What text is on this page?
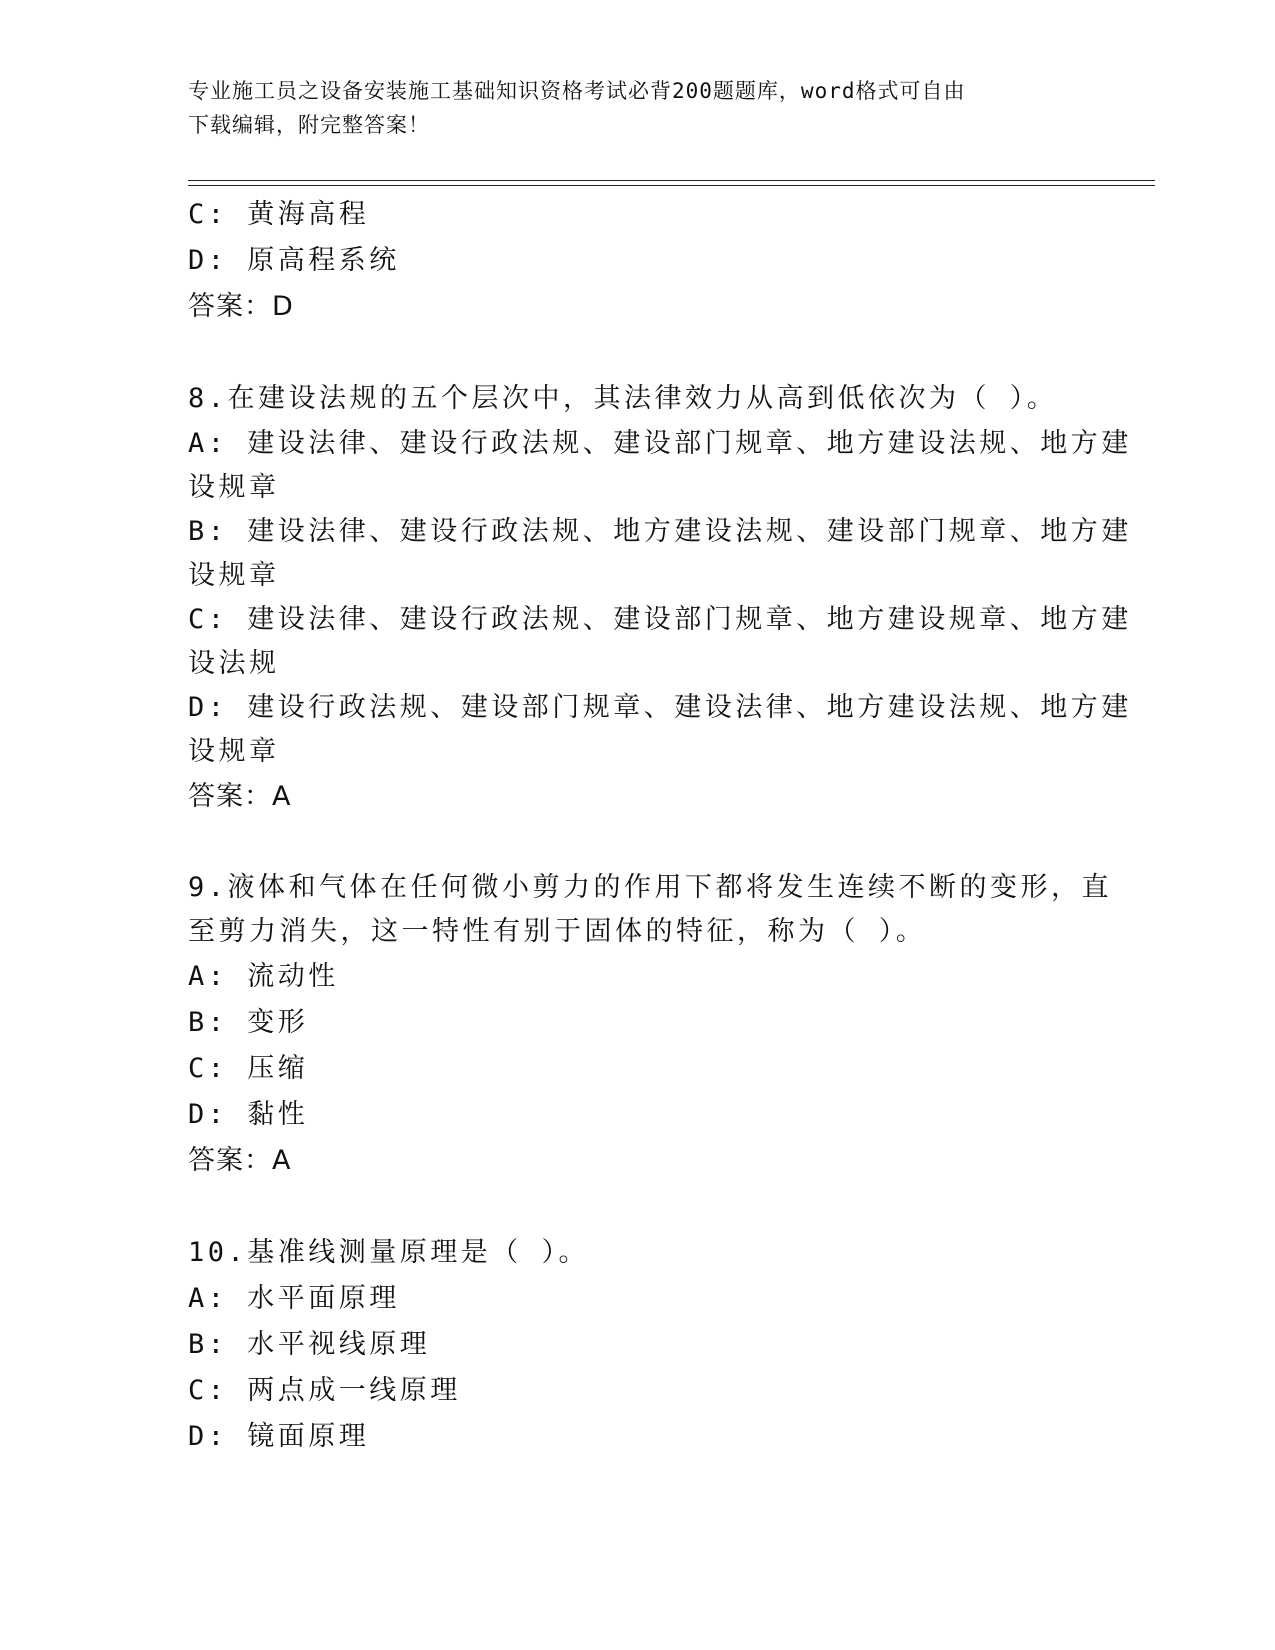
专业施工员之设备安装施工基础知识资格考试必背200题题库，word格式可自由
下载编辑，附完整答案！
C: 黄海高程
D: 原高程系统
答案：D
8.在建设法规的五个层次中，其法律效力从高到低依次为（ ）。
A: 建设法律、建设行政法规、建设部门规章、地方建设法规、地方建
设规章
B: 建设法律、建设行政法规、地方建设法规、建设部门规章、地方建
设规章
C: 建设法律、建设行政法规、建设部门规章、地方建设规章、地方建
设法规
D: 建设行政法规、建设部门规章、建设法律、地方建设法规、地方建
设规章
答案：A
9.液体和气体在任何微小剪力的作用下都将发生连续不断的变形，直
至剪力消失，这一特性有别于固体的特征，称为（ ）。
A: 流动性
B: 变形
C: 压缩
D: 黏性
答案：A
10.基准线测量原理是（ ）。
A: 水平面原理
B: 水平视线原理
C: 两点成一线原理
D: 镜面原理
